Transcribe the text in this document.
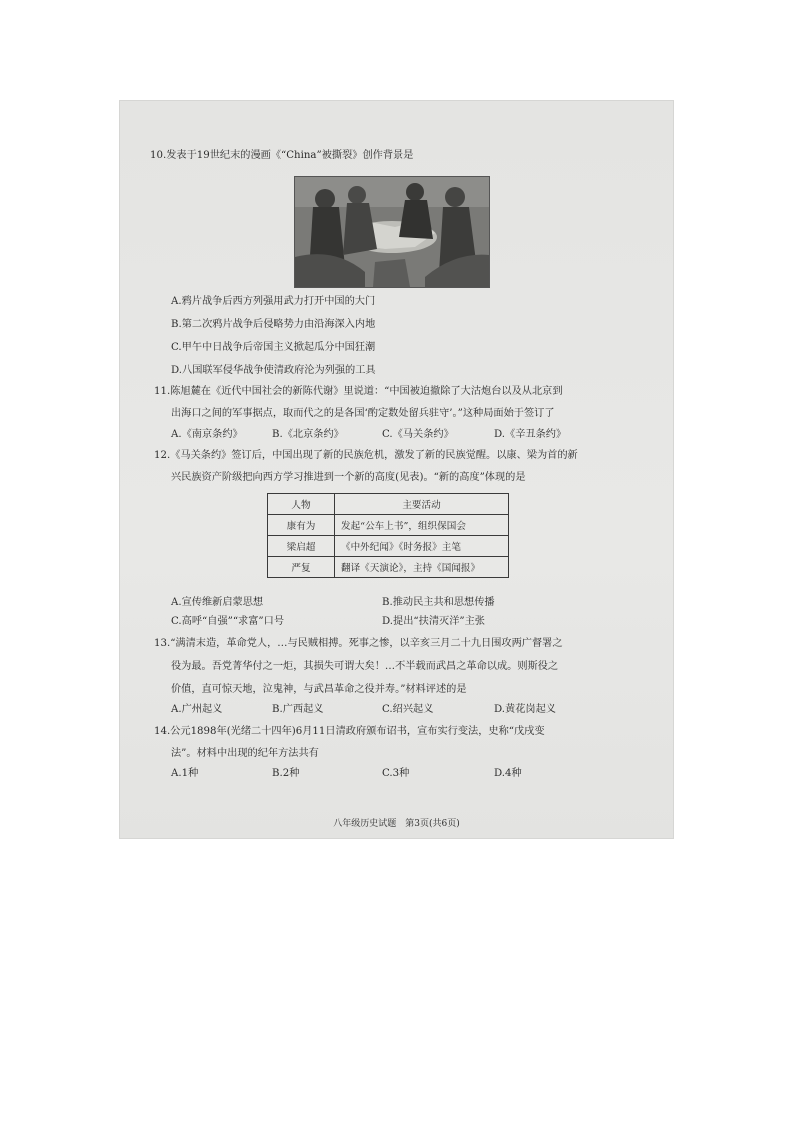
10.发表于19世纪末的漫画《“China”被撕裂》创作背景是
A.鸦片战争后西方列强用武力打开中国的大门
B.第二次鸦片战争后侵略势力由沿海深入内地
C.甲午中日战争后帝国主义掀起瓜分中国狂潮
D.八国联军侵华战争使清政府沦为列强的工具
11.陈旭麓在《近代中国社会的新陈代谢》里说道：“中国被迫撤除了大沽炮台以及从北京到
出海口之间的军事据点，取而代之的是各国‘酌定数处留兵驻守’。”这种局面始于签订了
A.《南京条约》	B.《北京条约》	C.《马关条约》	D.《辛丑条约》
12.《马关条约》签订后，中国出现了新的民族危机，激发了新的民族觉醒。以康、梁为首的新
兴民族资产阶级把向西方学习推进到一个新的高度(见表)。“新的高度”体现的是
人物	主要活动
康有为	发起“公车上书”，组织保国会
梁启超	《中外纪闻》《时务报》主笔
严复	翻译《天演论》，主持《国闻报》
A.宣传维新启蒙思想	B.推动民主共和思想传播
C.高呼“自强”“求富”口号	D.提出“扶清灭洋”主张
13.“满清末造，革命党人，…与民贼相搏。死事之惨，以辛亥三月二十九日围攻两广督署之
役为最。吾党菁华付之一炬，其损失可谓大矣！…不半载而武昌之革命以成。则斯役之
价值，直可惊天地，泣鬼神，与武昌革命之役并寿。”材料评述的是
A.广州起义	B.广西起义	C.绍兴起义	D.黄花岗起义
14.公元1898年(光绪二十四年)6月11日清政府颁布诏书，宣布实行变法，史称“戊戌变
法”。材料中出现的纪年方法共有
A.1种	B.2种	C.3种	D.4种
八年级历史试题　第3页(共6页)
